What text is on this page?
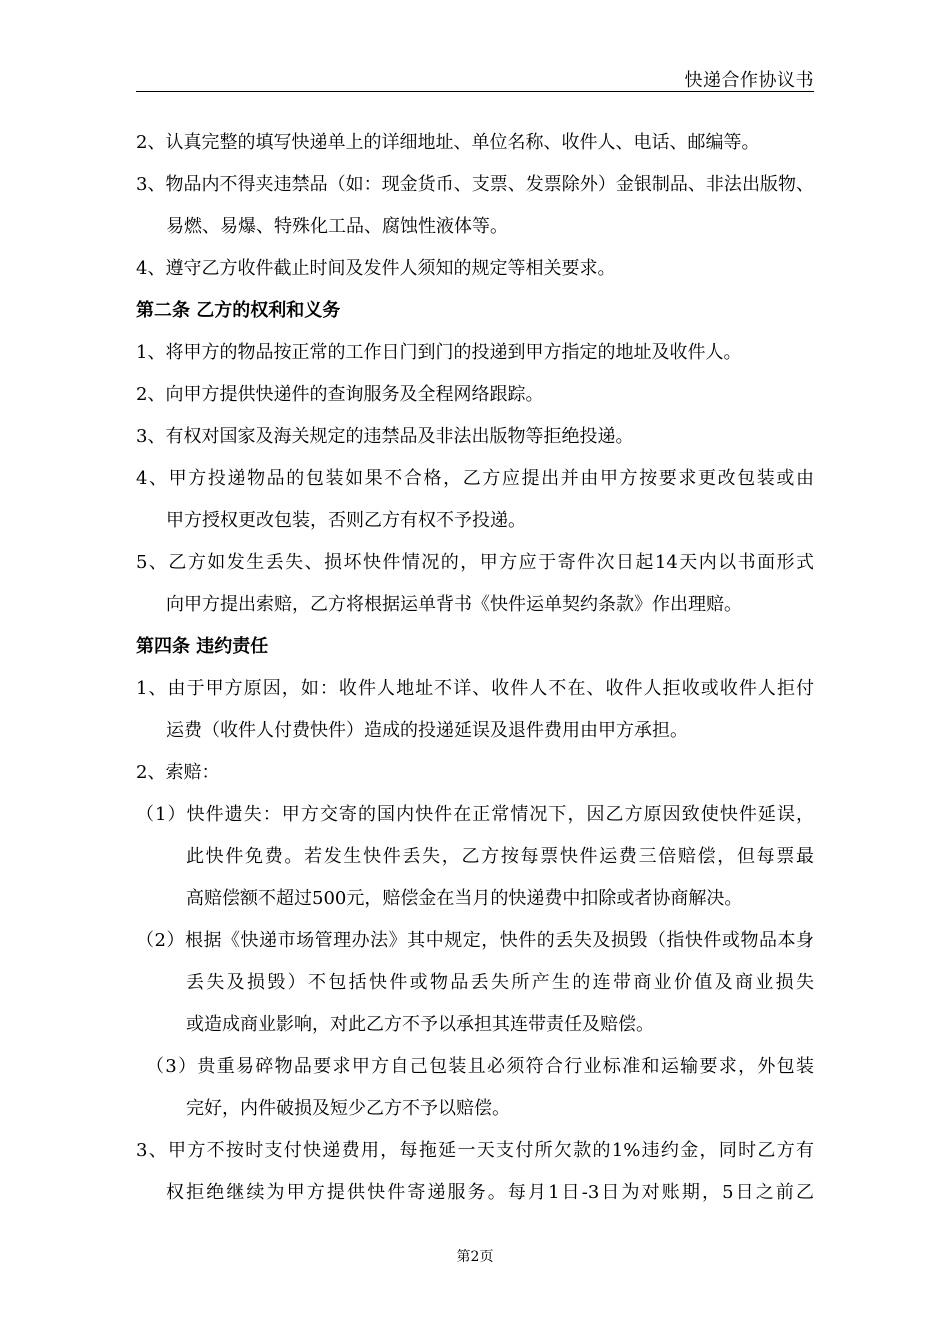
快递合作协议书
2、认真完整的填写快递单上的详细地址、单位名称、收件人、电话、邮编等。
3、物品内不得夹违禁品（如：现金货币、支票、发票除外）金银制品、非法出版物、
易燃、易爆、特殊化工品、腐蚀性液体等。
4、遵守乙方收件截止时间及发件人须知的规定等相关要求。
第二条 乙方的权利和义务
1、将甲方的物品按正常的工作日门到门的投递到甲方指定的地址及收件人。
2、向甲方提供快递件的查询服务及全程网络跟踪。
3、有权对国家及海关规定的违禁品及非法出版物等拒绝投递。
4、甲方投递物品的包装如果不合格，乙方应提出并由甲方按要求更改包装或由
甲方授权更改包装，否则乙方有权不予投递。
5、乙方如发生丢失、损坏快件情况的，甲方应于寄件次日起14天内以书面形式
向甲方提出索赔，乙方将根据运单背书《快件运单契约条款》作出理赔。
第四条 违约责任
1、由于甲方原因，如：收件人地址不详、收件人不在、收件人拒收或收件人拒付
运费（收件人付费快件）造成的投递延误及退件费用由甲方承担。
2、索赔：
（1）快件遗失：甲方交寄的国内快件在正常情况下，因乙方原因致使快件延误，
此快件免费。若发生快件丢失，乙方按每票快件运费三倍赔偿，但每票最
高赔偿额不超过500元，赔偿金在当月的快递费中扣除或者协商解决。
（2）根据《快递市场管理办法》其中规定，快件的丢失及损毁（指快件或物品本身
丢失及损毁）不包括快件或物品丢失所产生的连带商业价值及商业损失
或造成商业影响，对此乙方不予以承担其连带责任及赔偿。
（3）贵重易碎物品要求甲方自己包装且必须符合行业标准和运输要求，外包装
完好，内件破损及短少乙方不予以赔偿。
3、甲方不按时支付快递费用，每拖延一天支付所欠款的1%违约金，同时乙方有
权拒绝继续为甲方提供快件寄递服务。每月1日-3日为对账期，5日之前乙
第2页
